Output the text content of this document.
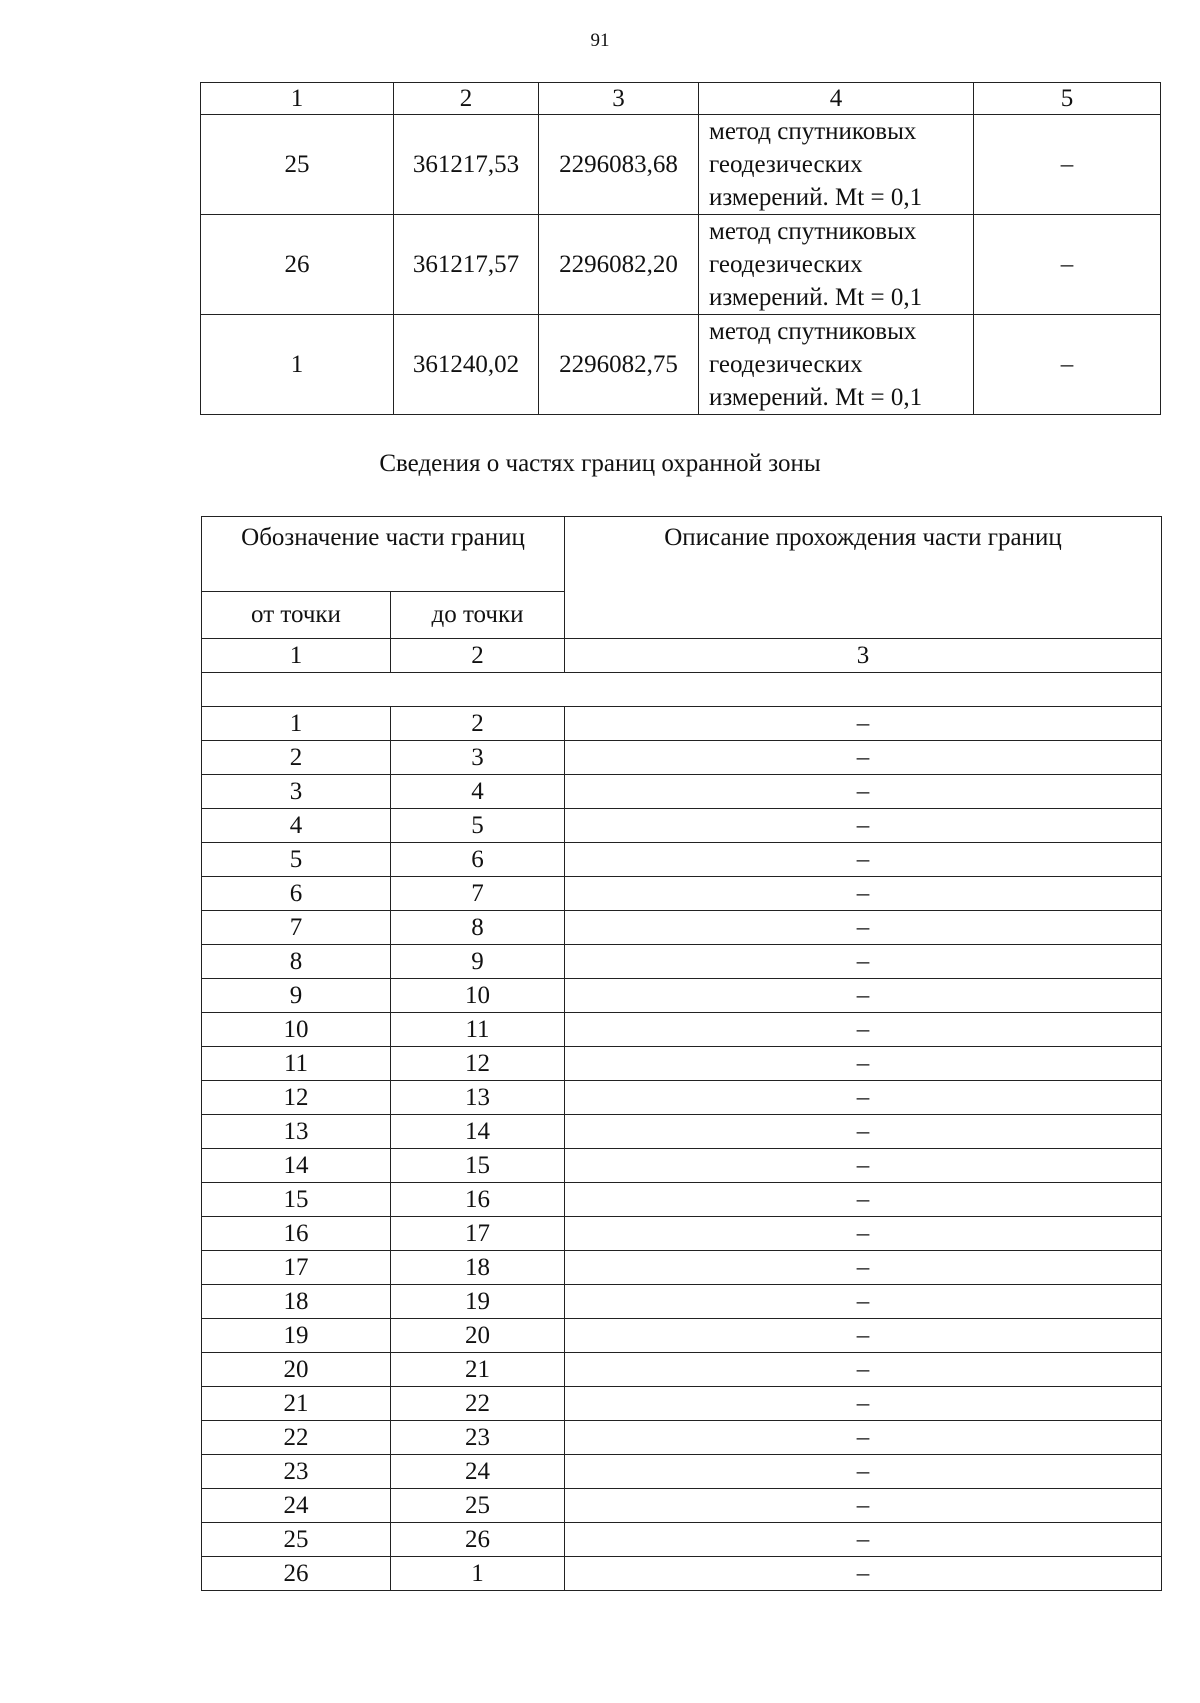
91
1	2	3	4	5
25	361217,53	2296083,68	метод спутниковых
геодезических
измерений. Mt = 0,1	–
26	361217,57	2296082,20	метод спутниковых
геодезических
измерений. Mt = 0,1	–
1	361240,02	2296082,75	метод спутниковых
геодезических
измерений. Mt = 0,1	–
Сведения о частях границ охранной зоны
Обозначение части границ		Описание прохождения части границ
от точки	до точки	
1	2	3

1	2	–
2	3	–
3	4	–
4	5	–
5	6	–
6	7	–
7	8	–
8	9	–
9	10	–
10	11	–
11	12	–
12	13	–
13	14	–
14	15	–
15	16	–
16	17	–
17	18	–
18	19	–
19	20	–
20	21	–
21	22	–
22	23	–
23	24	–
24	25	–
25	26	–
26	1	–
